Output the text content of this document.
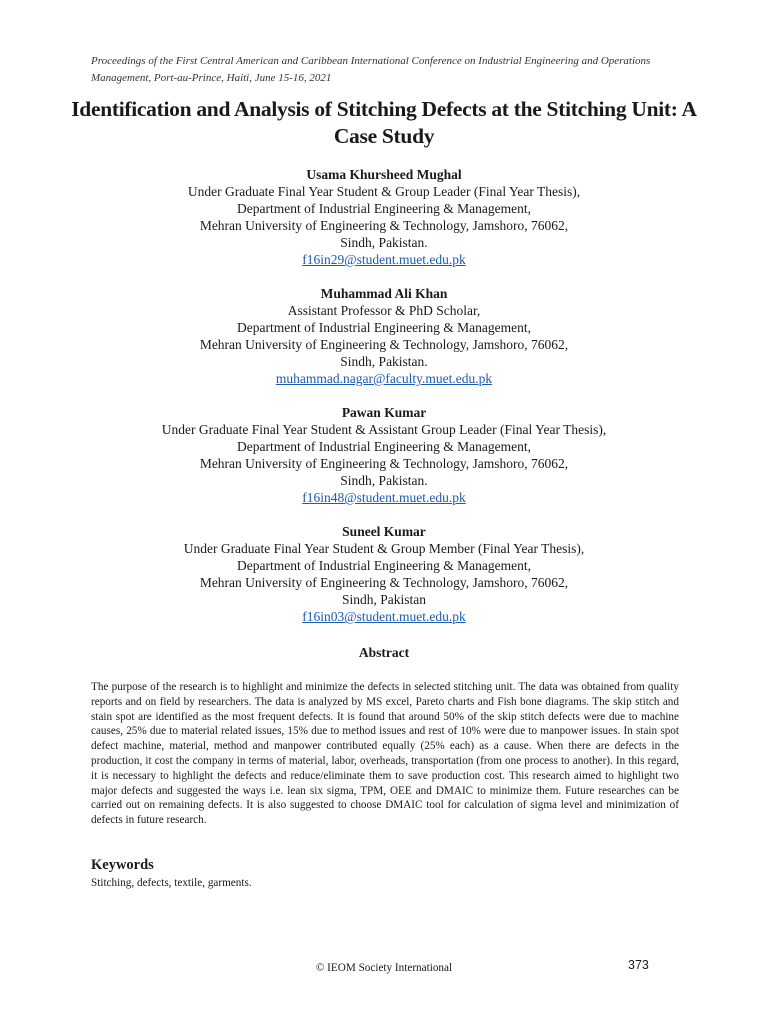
Proceedings of the First Central American and Caribbean International Conference on Industrial Engineering and Operations Management, Port-au-Prince, Haiti, June 15-16, 2021
Identification and Analysis of Stitching Defects at the Stitching Unit: A Case Study
Usama Khursheed Mughal
Under Graduate Final Year Student & Group Leader (Final Year Thesis),
Department of Industrial Engineering & Management,
Mehran University of Engineering & Technology, Jamshoro, 76062,
Sindh, Pakistan.
f16in29@student.muet.edu.pk
Muhammad Ali Khan
Assistant Professor & PhD Scholar,
Department of Industrial Engineering & Management,
Mehran University of Engineering & Technology, Jamshoro, 76062,
Sindh, Pakistan.
muhammad.nagar@faculty.muet.edu.pk
Pawan Kumar
Under Graduate Final Year Student & Assistant Group Leader (Final Year Thesis),
Department of Industrial Engineering & Management,
Mehran University of Engineering & Technology, Jamshoro, 76062,
Sindh, Pakistan.
f16in48@student.muet.edu.pk
Suneel Kumar
Under Graduate Final Year Student & Group Member (Final Year Thesis),
Department of Industrial Engineering & Management,
Mehran University of Engineering & Technology, Jamshoro, 76062,
Sindh, Pakistan
f16in03@student.muet.edu.pk
Abstract
The purpose of the research is to highlight and minimize the defects in selected stitching unit. The data was obtained from quality reports and on field by researchers. The data is analyzed by MS excel, Pareto charts and Fish bone diagrams. The skip stitch and stain spot are identified as the most frequent defects. It is found that around 50% of the skip stitch defects were due to machine causes, 25% due to material related issues, 15% due to method issues and rest of 10% were due to manpower issues. In stain spot defect machine, material, method and manpower contributed equally (25% each) as a cause. When there are defects in the production, it cost the company in terms of material, labor, overheads, transportation (from one process to another). In this regard, it is necessary to highlight the defects and reduce/eliminate them to save production cost. This research aimed to highlight two major defects and suggested the ways i.e. lean six sigma, TPM, OEE and DMAIC to minimize them. Future researches can be carried out on remaining defects. It is also suggested to choose DMAIC tool for calculation of sigma level and minimization of defects in future research.
Keywords
Stitching, defects, textile, garments.
© IEOM Society International	373
